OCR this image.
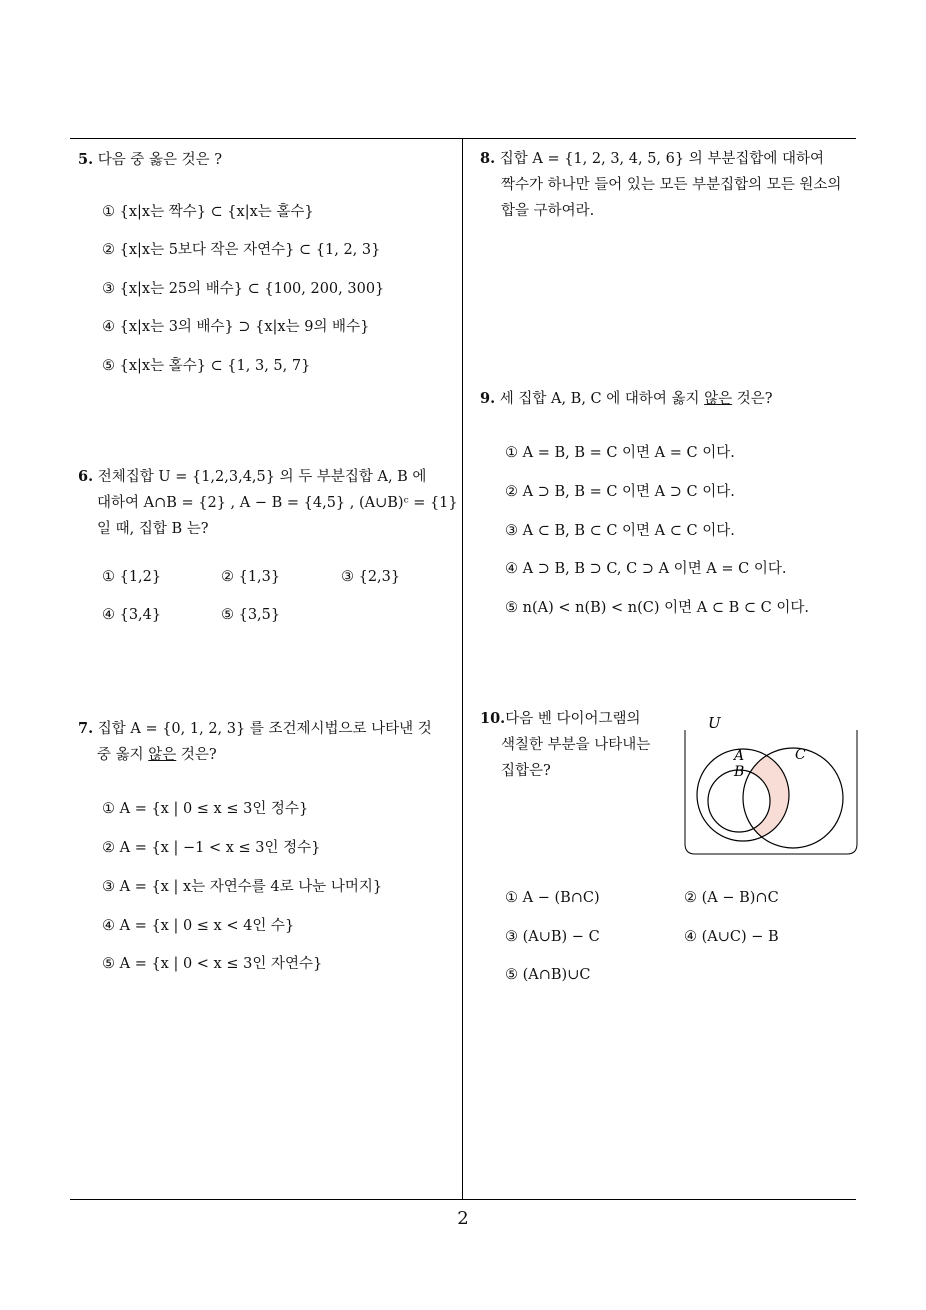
5. 다음 중 옳은 것은 ?
① {x|x는 짝수} ⊂ {x|x는 홀수}
② {x|x는 5보다 작은 자연수} ⊂ {1, 2, 3}
③ {x|x는 25의 배수} ⊂ {100, 200, 300}
④ {x|x는 3의 배수} ⊃ {x|x는 9의 배수}
⑤ {x|x는 홀수} ⊂ {1, 3, 5, 7}
6. 전체집합 U = {1,2,3,4,5} 의 두 부분집합 A, B 에
대하여 A∩B = {2} , A − B = {4,5} , (A∪B)ᶜ = {1}
일 때, 집합 B 는?
① {1,2}	② {1,3}	③ {2,3}
④ {3,4}	⑤ {3,5}
7. 집합 A = {0, 1, 2, 3} 를 조건제시법으로 나타낸 것
중 옳지 않은 것은?
① A = {x | 0 ≤ x ≤ 3인 정수}
② A = {x | −1 < x ≤ 3인 정수}
③ A = {x | x는 자연수를 4로 나눈 나머지}
④ A = {x | 0 ≤ x < 4인 수}
⑤ A = {x | 0 < x ≤ 3인 자연수}
8. 집합 A = {1, 2, 3, 4, 5, 6} 의 부분집합에 대하여
짝수가 하나만 들어 있는 모든 부분집합의 모든 원소의
합을 구하여라.
9. 세 집합 A, B, C 에 대하여 옳지 않은 것은?
① A = B, B = C 이면 A = C 이다.
② A ⊃ B, B = C 이면 A ⊃ C 이다.
③ A ⊂ B, B ⊂ C 이면 A ⊂ C 이다.
④ A ⊃ B, B ⊃ C, C ⊃ A 이면 A = C 이다.
⑤ n(A) < n(B) < n(C) 이면 A ⊂ B ⊂ C 이다.
10.다음 벤 다이어그램의
색칠한 부분을 나타내는
집합은?
U
A
B
C
① A − (B∩C)	② (A − B)∩C
③ (A∪B) − C	④ (A∪C) − B
⑤ (A∩B)∪C
2
